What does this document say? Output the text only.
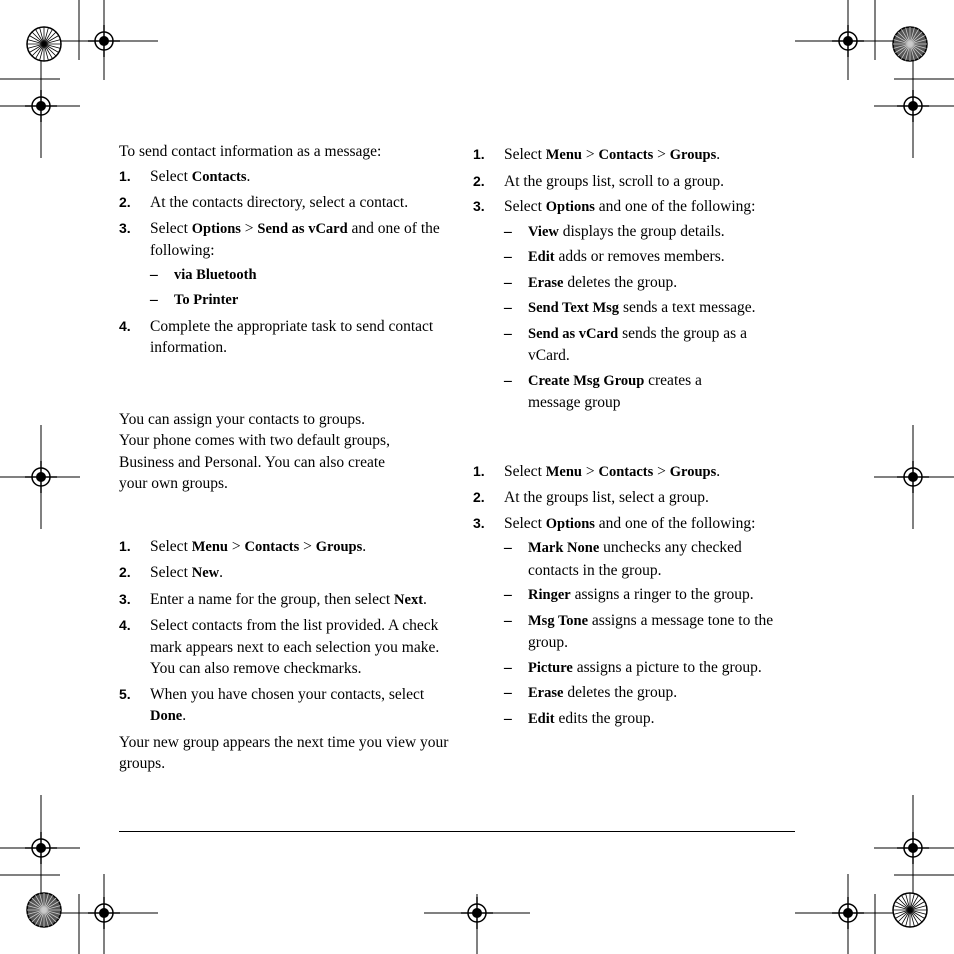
To send contact information as a message:

1. Select Contacts.
2. At the contacts directory, select a contact.
3. Select Options > Send as vCard and one of the following:
– via Bluetooth
– To Printer
4. Complete the appropriate task to send contact information.

You can assign your contacts to groups.
Your phone comes with two default groups,
Business and Personal. You can also create
your own groups.

1. Select Menu > Contacts > Groups.
2. Select New.
3. Enter a name for the group, then select Next.
4. Select contacts from the list provided. A check mark appears next to each selection you make. You can also remove checkmarks.
5. When you have chosen your contacts, select Done.

Your new group appears the next time you view your groups.

1. Select Menu > Contacts > Groups.
2. At the groups list, scroll to a group.
3. Select Options and one of the following:
– View displays the group details.
– Edit adds or removes members.
– Erase deletes the group.
– Send Text Msg sends a text message.
– Send as vCard sends the group as a vCard.
– Create Msg Group creates a message group
1. Select Menu > Contacts > Groups.
2. At the groups list, select a group.
3. Select Options and one of the following:
– Mark None unchecks any checked contacts in the group.
– Ringer assigns a ringer to the group.
– Msg Tone assigns a message tone to the group.
– Picture assigns a picture to the group.
– Erase deletes the group.
– Edit edits the group.
